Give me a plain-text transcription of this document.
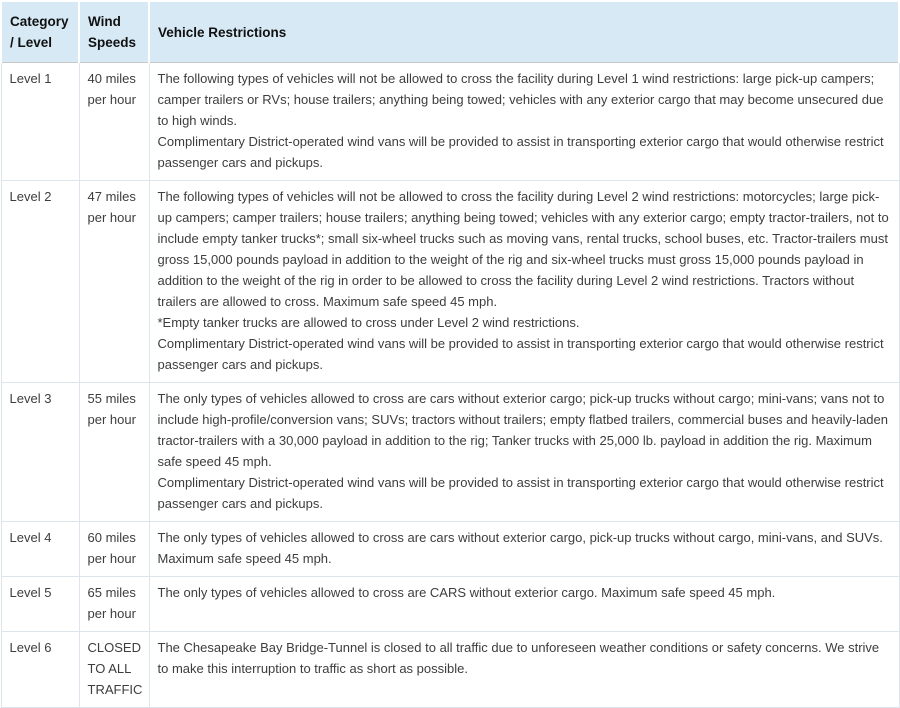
Category / Level	Wind Speeds	Vehicle Restrictions
Level 1	40 miles per hour	The following types of vehicles will not be allowed to cross the facility during Level 1 wind restrictions: large pick-up campers; camper trailers or RVs; house trailers; anything being towed; vehicles with any exterior cargo that may become unsecured due to high winds.
Complimentary District-operated wind vans will be provided to assist in transporting exterior cargo that would otherwise restrict passenger cars and pickups.

Level 2	47 miles per hour	The following types of vehicles will not be allowed to cross the facility during Level 2 wind restrictions: motorcycles; large pick-up campers; camper trailers; house trailers; anything being towed; vehicles with any exterior cargo; empty tractor-trailers, not to include empty tanker trucks*; small six-wheel trucks such as moving vans, rental trucks, school buses, etc. Tractor-trailers must gross 15,000 pounds payload in addition to the weight of the rig and six-wheel trucks must gross 15,000 pounds payload in addition to the weight of the rig in order to be allowed to cross the facility during Level 2 wind restrictions. Tractors without trailers are allowed to cross. Maximum safe speed 45 mph.
*Empty tanker trucks are allowed to cross under Level 2 wind restrictions.
Complimentary District-operated wind vans will be provided to assist in transporting exterior cargo that would otherwise restrict passenger cars and pickups.

Level 3	55 miles per hour	The only types of vehicles allowed to cross are cars without exterior cargo; pick-up trucks without cargo; mini-vans; vans not to include high-profile/conversion vans; SUVs; tractors without trailers; empty flatbed trailers, commercial buses and heavily-laden tractor-trailers with a 30,000 payload in addition to the rig; Tanker trucks with 25,000 lb. payload in addition the rig. Maximum safe speed 45 mph.
Complimentary District-operated wind vans will be provided to assist in transporting exterior cargo that would otherwise restrict passenger cars and pickups.

Level 4	60 miles per hour	The only types of vehicles allowed to cross are cars without exterior cargo, pick-up trucks without cargo, mini-vans, and SUVs. Maximum safe speed 45 mph.

Level 5	65 miles per hour	The only types of vehicles allowed to cross are CARS without exterior cargo. Maximum safe speed 45 mph.

Level 6	CLOSED TO ALL TRAFFIC	The Chesapeake Bay Bridge-Tunnel is closed to all traffic due to unforeseen weather conditions or safety concerns. We strive to make this interruption to traffic as short as possible.
